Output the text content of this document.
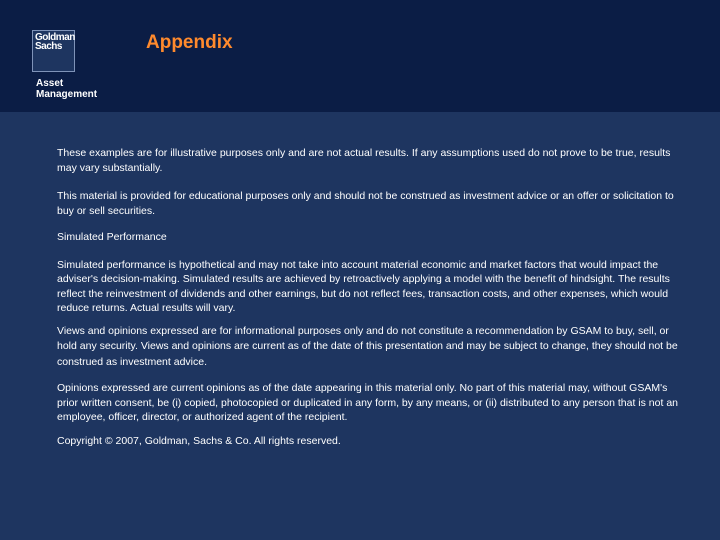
Goldman
Sachs
Asset
Management
Appendix

These examples are for illustrative purposes only and are not actual results. If any assumptions used do not prove to be true, results may vary substantially.

This material is provided for educational purposes only and should not be construed as investment advice or an offer or solicitation to buy or sell securities.

Simulated Performance

Simulated performance is hypothetical and may not take into account material economic and market factors that would impact the adviser's decision-making. Simulated results are achieved by retroactively applying a model with the benefit of hindsight. The results reflect the reinvestment of dividends and other earnings, but do not reflect fees, transaction costs, and other expenses, which would reduce returns. Actual results will vary.

Views and opinions expressed are for informational purposes only and do not constitute a recommendation by GSAM to buy, sell, or hold any security. Views and opinions are current as of the date of this presentation and may be subject to change, they should not be construed as investment advice.

Opinions expressed are current opinions as of the date appearing in this material only. No part of this material may, without GSAM's prior written consent, be (i) copied, photocopied or duplicated in any form, by any means, or (ii) distributed to any person that is not an employee, officer, director, or authorized agent of the recipient.

Copyright © 2007, Goldman, Sachs & Co. All rights reserved.
